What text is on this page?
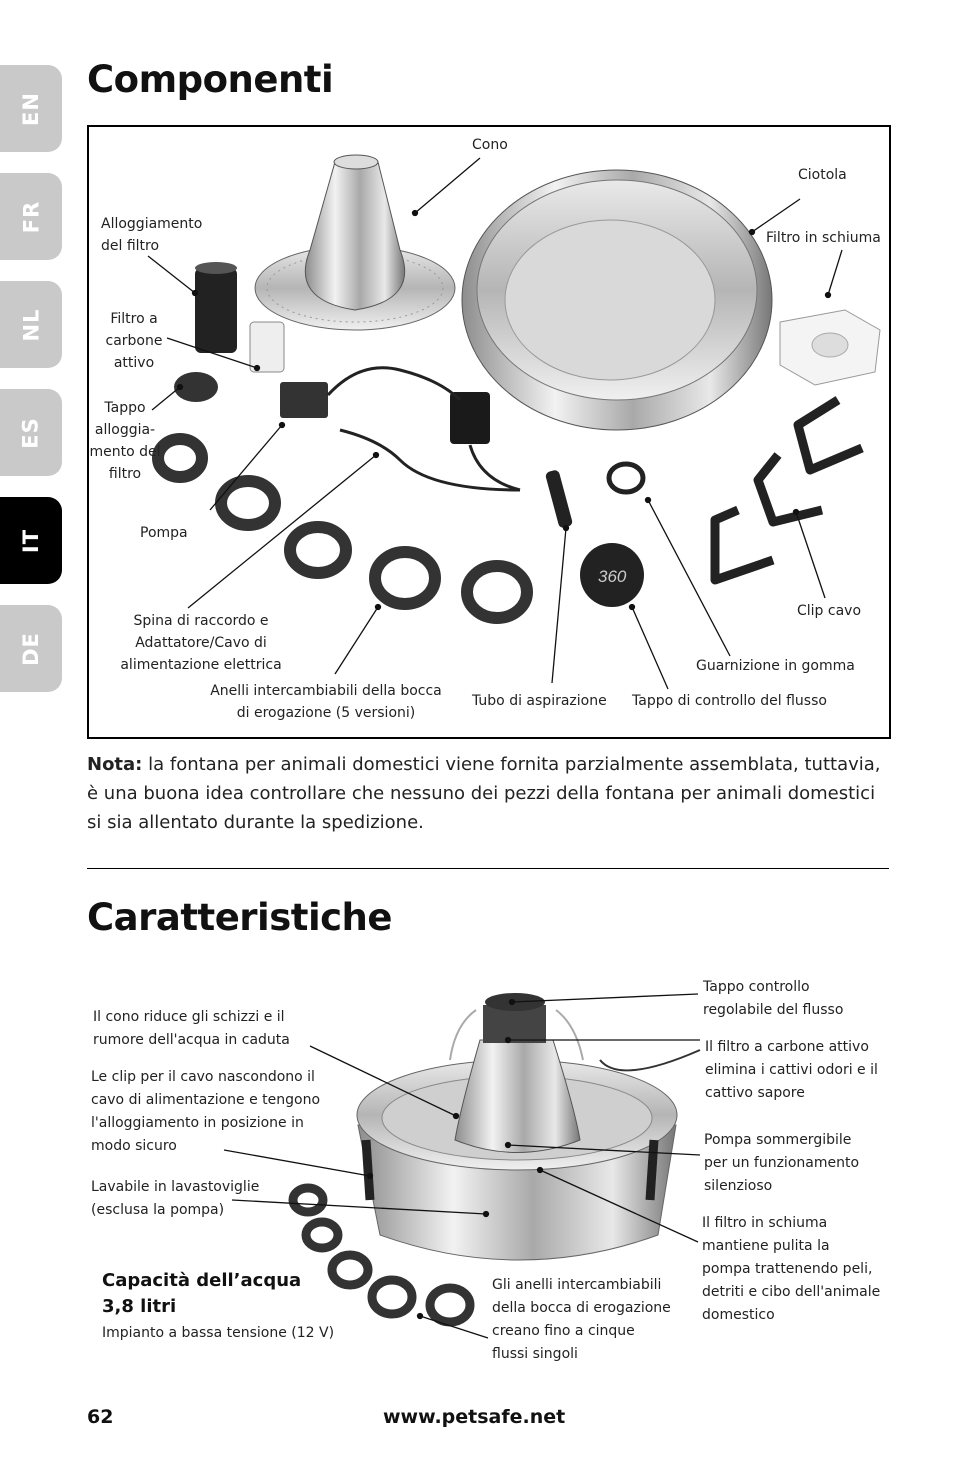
EN
FR
NL
ES
IT
DE
Componenti
360
Cono
Ciotola
Filtro in schiuma
Alloggiamento
del filtro
Filtro a
carbone
attivo
Tappo
alloggia-
mento del
filtro
Pompa
Spina di raccordo e
Adattatore/Cavo di
alimentazione elettrica
Anelli intercambiabili della bocca
di erogazione (5 versioni)
Tubo di aspirazione Tappo di controllo del flusso
Guarnizione in gomma
Clip cavo
Nota: la fontana per animali domestici viene fornita parzialmente assemblata, tuttavia, è una buona idea controllare che nessuno dei pezzi della fontana per animali domestici si sia allentato durante la spedizione.
Caratteristiche
Il cono riduce gli schizzi e il
rumore dell'acqua in caduta
Le clip per il cavo nascondono il
cavo di alimentazione e tengono
l'alloggiamento in posizione in
modo sicuro
Lavabile in lavastoviglie
(esclusa la pompa)
Tappo controllo
regolabile del flusso
Il filtro a carbone attivo
elimina i cattivi odori e il
cattivo sapore
Pompa sommergibile
per un funzionamento
silenzioso
Il filtro in schiuma
mantiene pulita la
pompa trattenendo peli,
detriti e cibo dell'animale
domestico
Gli anelli intercambiabili
della bocca di erogazione
creano fino a cinque
flussi singoli
Capacità dell’acqua
3,8 litri
Impianto a bassa tensione (12 V)
62	www.petsafe.net
